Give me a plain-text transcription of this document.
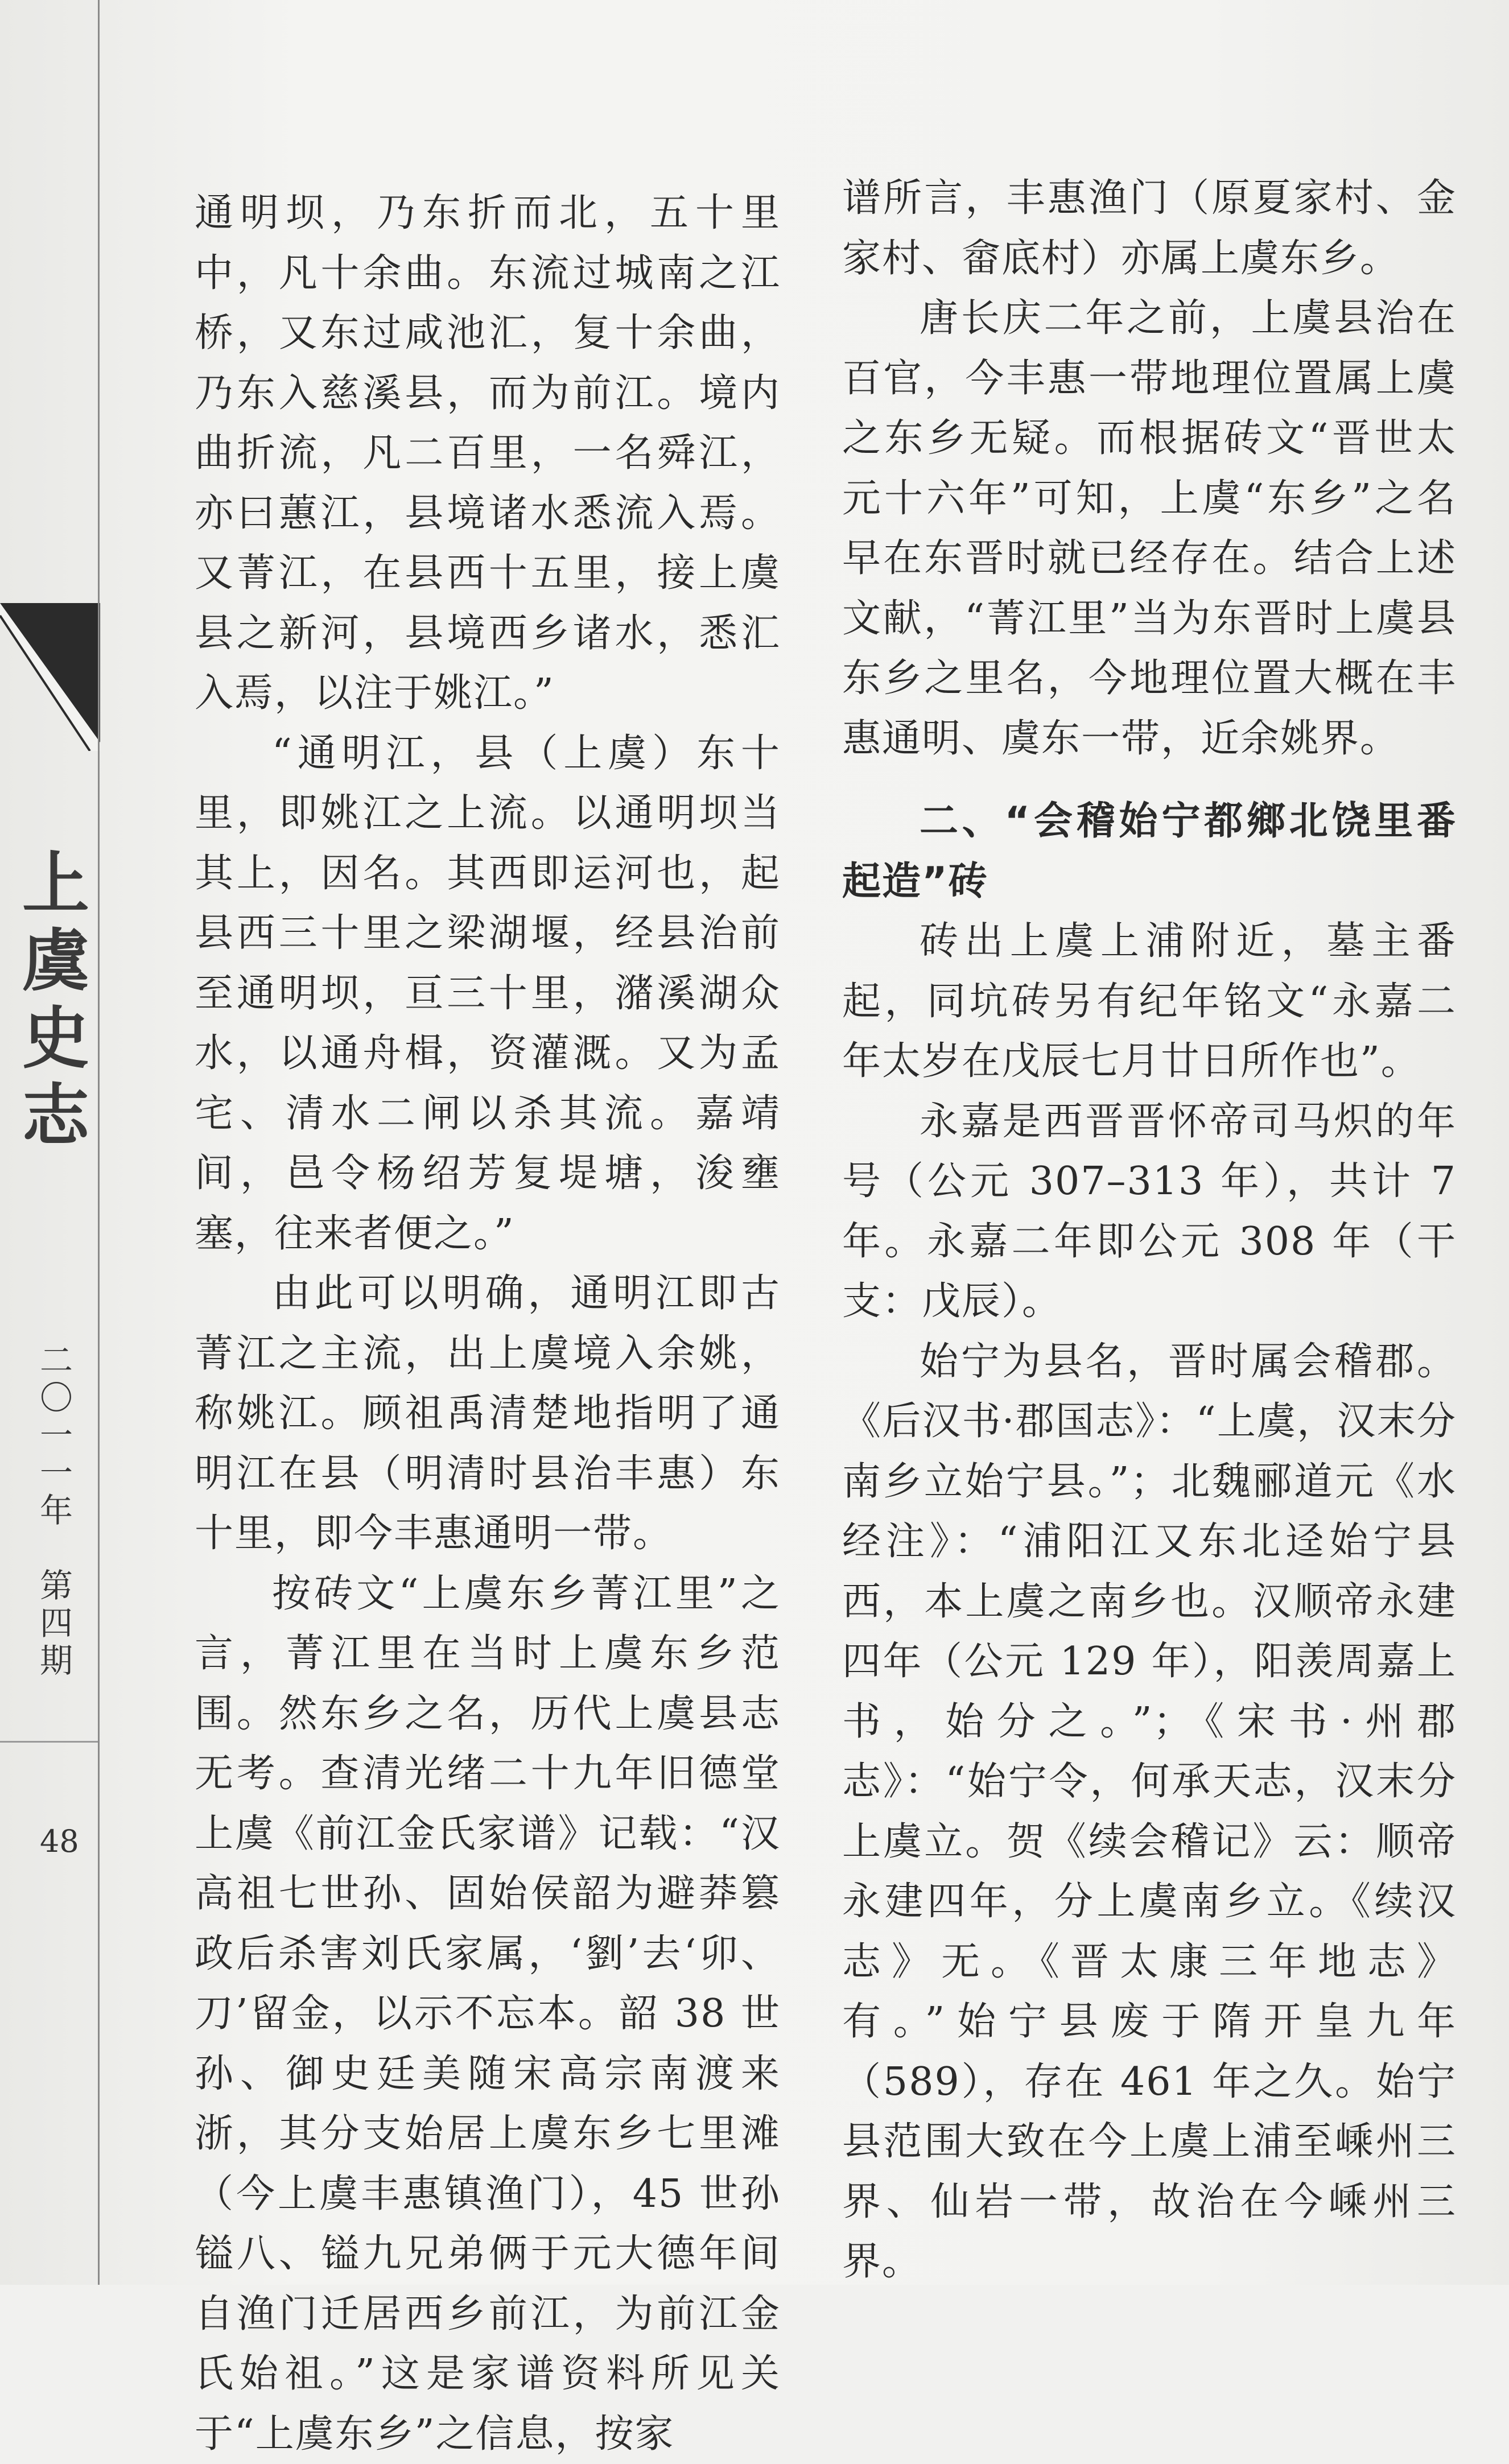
上虞史志
二〇一一年　第四期
48

通明坝，乃东折而北，五十里中，凡十余曲。东流过城南之江桥，又东过咸池汇，复十余曲，乃东入慈溪县，而为前江。境内曲折流，凡二百里，一名舜江，亦曰蕙江，县境诸水悉流入焉。又菁江，在县西十五里，接上虞县之新河，县境西乡诸水，悉汇入焉，以注于姚江。”

“通明江，县（上虞）东十里，即姚江之上流。以通明坝当其上，因名。其西即运河也，起县西三十里之梁湖堰，经县治前至通明坝，亘三十里，潴溪湖众水，以通舟楫，资灌溉。又为孟宅、清水二闸以杀其流。嘉靖间，邑令杨绍芳复堤塘，浚壅塞，往来者便之。”

由此可以明确，通明江即古菁江之主流，出上虞境入余姚，称姚江。顾祖禹清楚地指明了通明江在县（明清时县治丰惠）东十里，即今丰惠通明一带。

按砖文“上虞东乡菁江里”之言，菁江里在当时上虞东乡范围。然东乡之名，历代上虞县志无考。查清光绪二十九年旧德堂上虞《前江金氏家谱》记载：“汉高祖七世孙、固始侯韶为避莽篡政后杀害刘氏家属，‘劉’去‘卯、刀’留金，以示不忘本。韶 38 世孙、御史廷美随宋高宗南渡来浙，其分支始居上虞东乡七里滩（今上虞丰惠镇渔门），45 世孙镒八、镒九兄弟俩于元大德年间自渔门迁居西乡前江，为前江金氏始祖。”这是家谱资料所见关于“上虞东乡”之信息，按家

谱所言，丰惠渔门（原夏家村、金家村、畲底村）亦属上虞东乡。

唐长庆二年之前，上虞县治在百官，今丰惠一带地理位置属上虞之东乡无疑。而根据砖文“晋世太元十六年”可知，上虞“东乡”之名早在东晋时就已经存在。结合上述文献，“菁江里”当为东晋时上虞县东乡之里名，今地理位置大概在丰惠通明、虞东一带，近余姚界。

二、“会稽始宁都鄉北饶里番起造”砖

砖出上虞上浦附近，墓主番起，同坑砖另有纪年铭文“永嘉二年太岁在戊辰七月廿日所作也”。

永嘉是西晋晋怀帝司马炽的年号（公元 307–313 年），共计 7 年。永嘉二年即公元 308 年（干支：戊辰）。

始宁为县名，晋时属会稽郡。《后汉书·郡国志》：“上虞，汉末分南乡立始宁县。”；北魏郦道元《水经注》：“浦阳江又东北迳始宁县西，本上虞之南乡也。汉顺帝永建四年（公元 129 年），阳羡周嘉上书，始分之。”；《宋书·州郡志》：“始宁令，何承天志，汉末分上虞立。贺《续会稽记》云：顺帝永建四年，分上虞南乡立。《续汉志》无。《晋太康三年地志》有。”始宁县废于隋开皇九年（589），存在 461 年之久。始宁县范围大致在今上虞上浦至嵊州三界、仙岩一带，故治在今嵊州三界。
